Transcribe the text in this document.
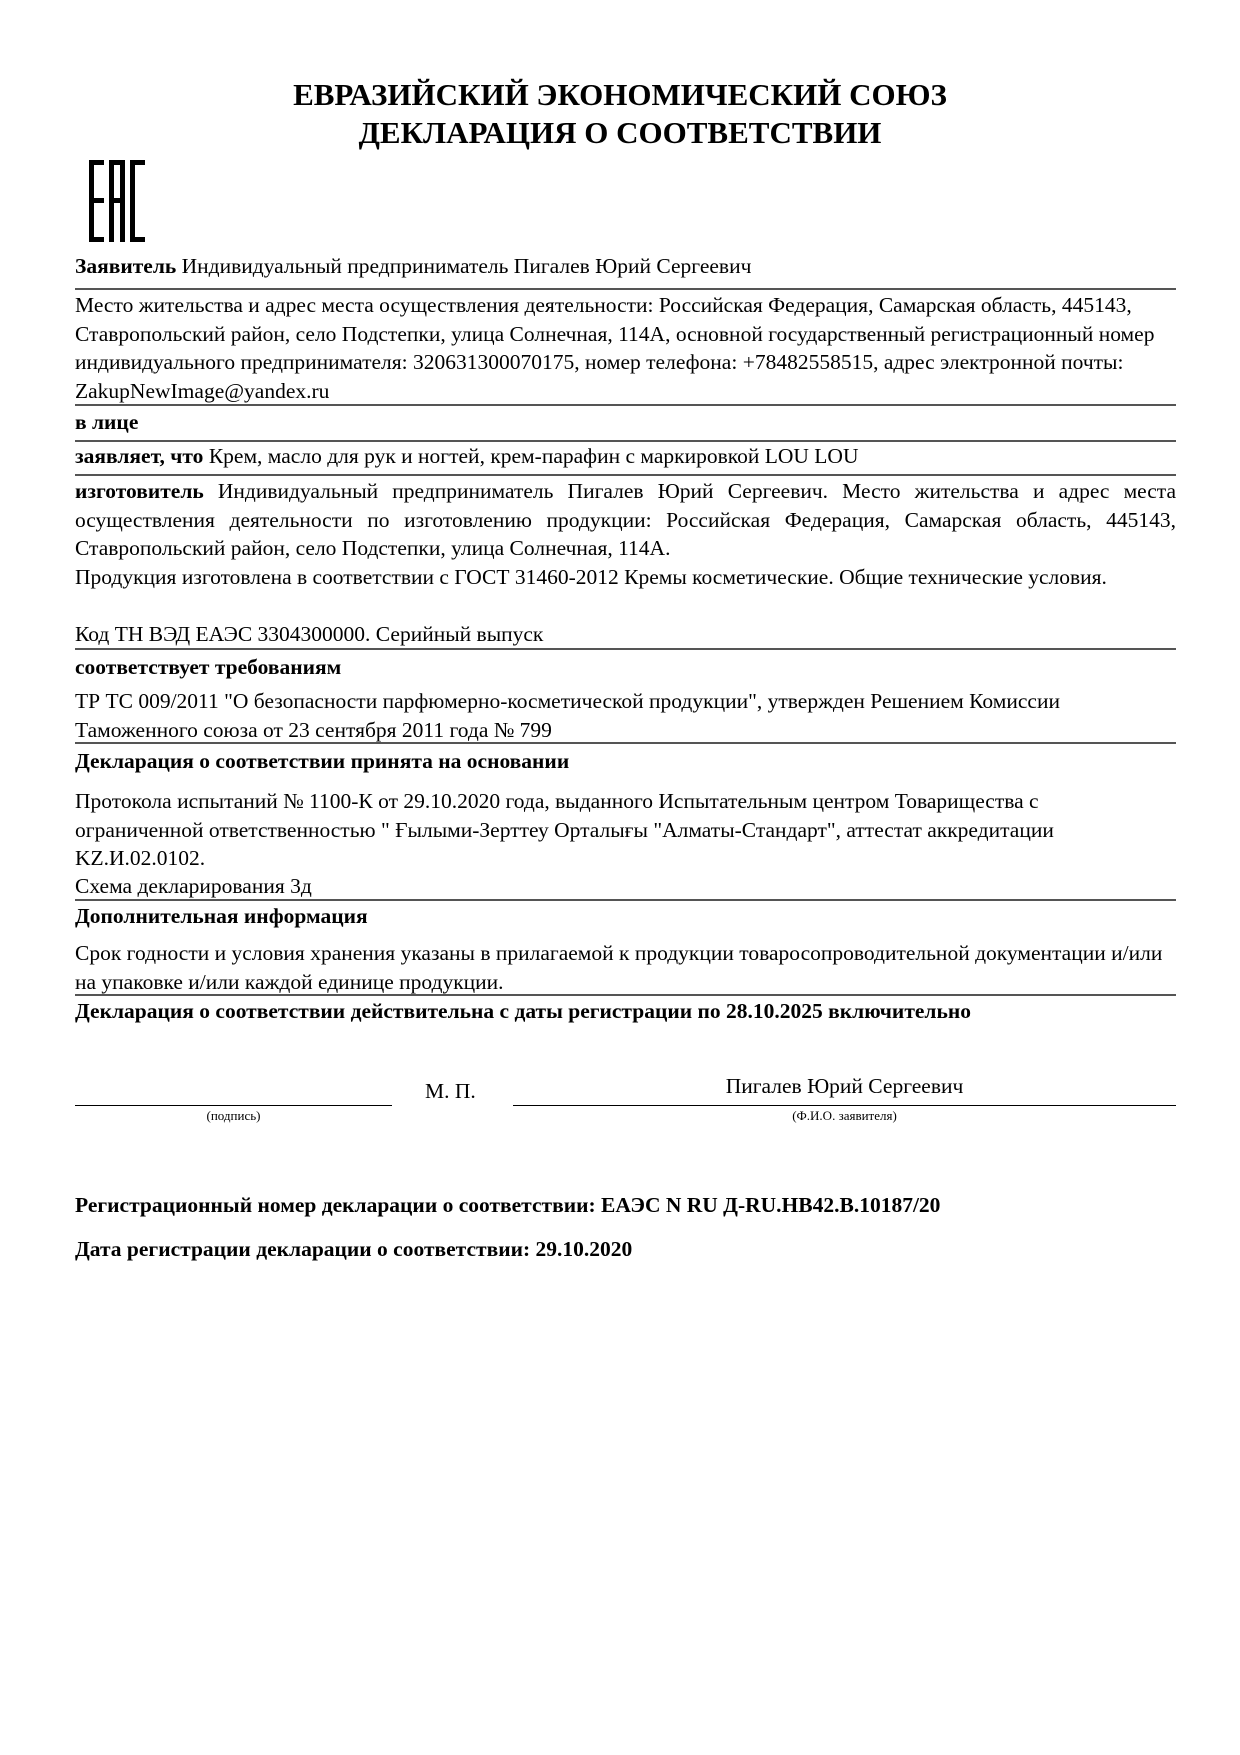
ЕВРАЗИЙСКИЙ ЭКОНОМИЧЕСКИЙ СОЮЗ
ДЕКЛАРАЦИЯ О СООТВЕТСТВИИ
Заявитель Индивидуальный предприниматель Пигалев Юрий Сергеевич
Место жительства и адрес места осуществления деятельности: Российская Федерация, Самарская область, 445143, Ставропольский район, село Подстепки, улица Солнечная, 114А, основной государственный регистрационный номер индивидуального предпринимателя: 320631300070175, номер телефона: +78482558515, адрес электронной почты: ZakupNewImage@yandex.ru
в лице
заявляет, что Крем, масло для рук и ногтей, крем-парафин с маркировкой LOU LOU
изготовитель Индивидуальный предприниматель Пигалев Юрий Сергеевич. Место жительства и адрес места осуществления деятельности по изготовлению продукции: Российская Федерация, Самарская область, 445143, Ставропольский район, село Подстепки, улица Солнечная, 114А.
Продукция изготовлена в соответствии с ГОСТ 31460-2012 Кремы косметические. Общие технические условия.
Код ТН ВЭД ЕАЭС 3304300000. Серийный выпуск
соответствует требованиям
ТР ТС 009/2011 "О безопасности парфюмерно-косметической продукции", утвержден Решением Комиссии Таможенного союза от 23 сентября 2011 года № 799
Декларация о соответствии принята на основании
Протокола испытаний № 1100-К от 29.10.2020 года, выданного Испытательным центром Товарищества с ограниченной ответственностью " Ғылыми-Зерттеу Орталығы "Алматы-Стандарт", аттестат аккредитации KZ.И.02.0102.
Схема декларирования 3д
Дополнительная информация
Срок годности и условия хранения указаны в прилагаемой к продукции товаросопроводительной документации и/или на упаковке и/или каждой единице продукции.
Декларация о соответствии действительна с даты регистрации по 28.10.2025 включительно
М. П.	Пигалев Юрий Сергеевич
(подпись)	(Ф.И.О. заявителя)
Регистрационный номер декларации о соответствии: ЕАЭС N RU Д-RU.НВ42.В.10187/20
Дата регистрации декларации о соответствии: 29.10.2020
